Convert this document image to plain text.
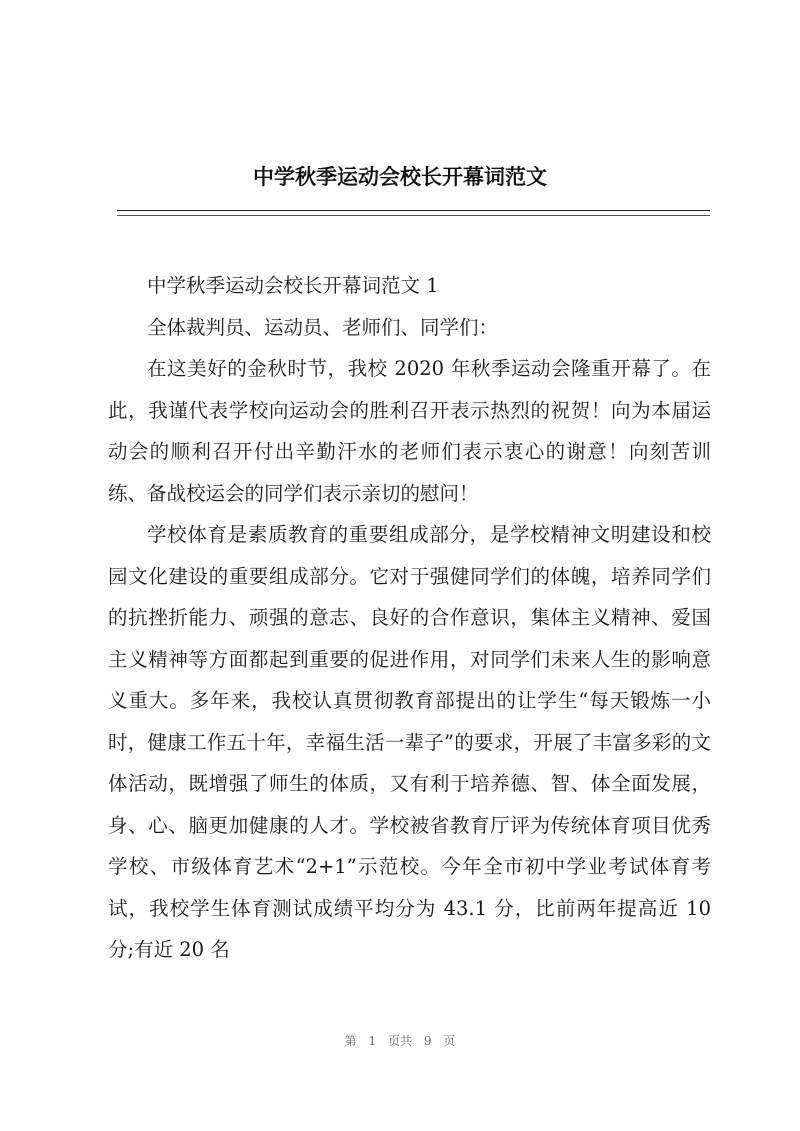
中学秋季运动会校长开幕词范文

中学秋季运动会校长开幕词范文 1

全体裁判员、运动员、老师们、同学们：

在这美好的金秋时节，我校 2020 年秋季运动会隆重开幕了。在此，我谨代表学校向运动会的胜利召开表示热烈的祝贺！向为本届运动会的顺利召开付出辛勤汗水的老师们表示衷心的谢意！向刻苦训练、备战校运会的同学们表示亲切的慰问！

学校体育是素质教育的重要组成部分，是学校精神文明建设和校园文化建设的重要组成部分。它对于强健同学们的体魄，培养同学们的抗挫折能力、顽强的意志、良好的合作意识，集体主义精神、爱国主义精神等方面都起到重要的促进作用，对同学们未来人生的影响意义重大。多年来，我校认真贯彻教育部提出的让学生“每天锻炼一小时，健康工作五十年，幸福生活一辈子”的要求，开展了丰富多彩的文体活动，既增强了师生的体质，又有利于培养德、智、体全面发展，身、心、脑更加健康的人才。学校被省教育厅评为传统体育项目优秀学校、市级体育艺术“2+1”示范校。今年全市初中学业考试体育考试，我校学生体育测试成绩平均分为 43.1 分，比前两年提高近 10 分;有近 20 名

第 1 页共 9 页
